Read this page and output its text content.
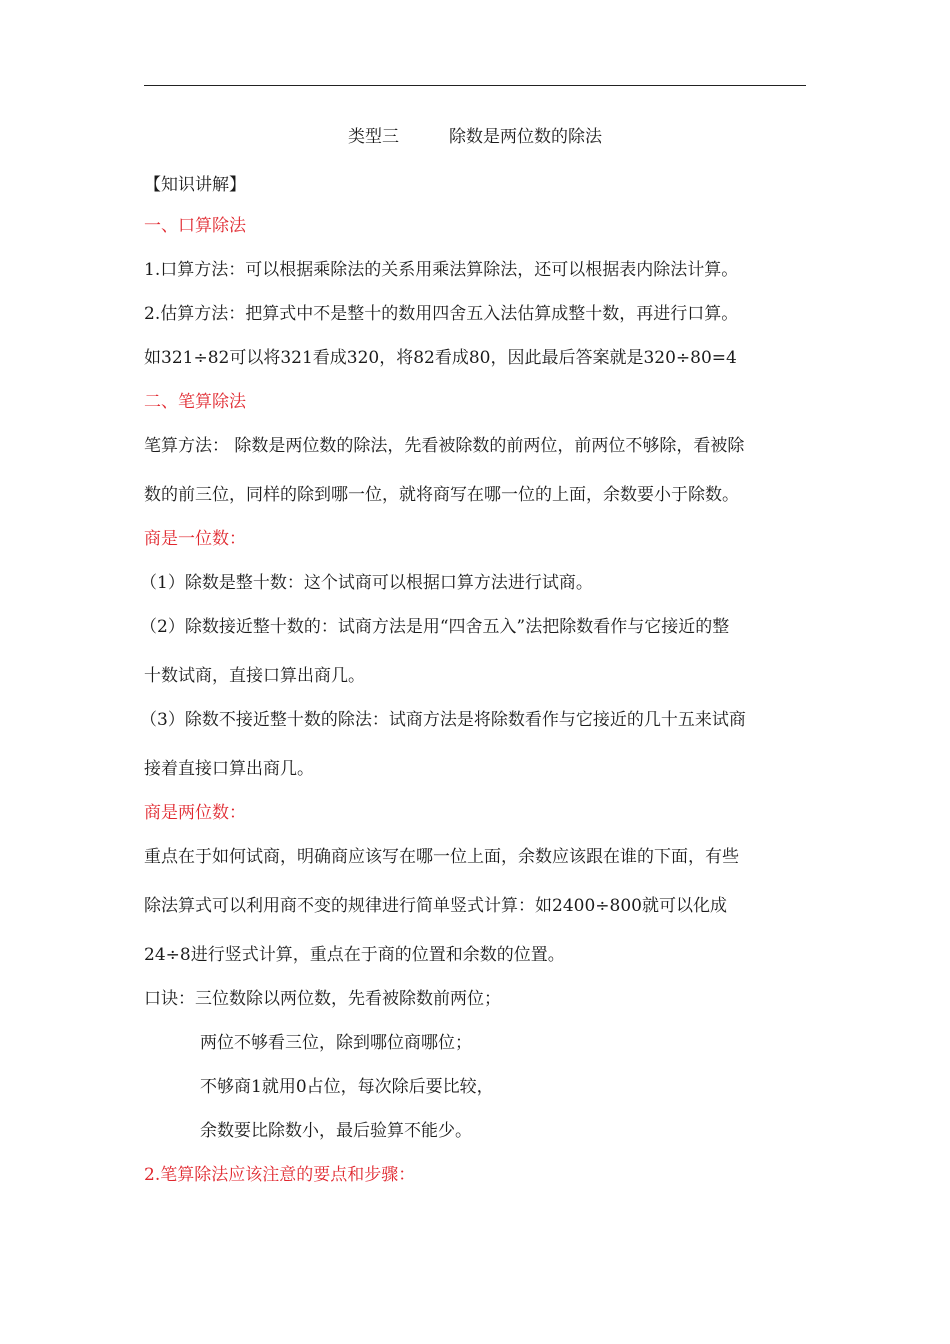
类型三	除数是两位数的除法
【知识讲解】
一、口算除法
1.口算方法：可以根据乘除法的关系用乘法算除法，还可以根据表内除法计算。
2.估算方法：把算式中不是整十的数用四舍五入法估算成整十数，再进行口算。
如321÷82可以将321看成320，将82看成80，因此最后答案就是320÷80=4
二、笔算除法
笔算方法： 除数是两位数的除法，先看被除数的前两位，前两位不够除，看被除
数的前三位，同样的除到哪一位，就将商写在哪一位的上面，余数要小于除数。
商是一位数：
（1）除数是整十数：这个试商可以根据口算方法进行试商。
（2）除数接近整十数的：试商方法是用“四舍五入”法把除数看作与它接近的整
十数试商，直接口算出商几。
（3）除数不接近整十数的除法：试商方法是将除数看作与它接近的几十五来试商
接着直接口算出商几。
商是两位数：
重点在于如何试商，明确商应该写在哪一位上面，余数应该跟在谁的下面，有些
除法算式可以利用商不变的规律进行简单竖式计算：如2400÷800就可以化成
24÷8进行竖式计算，重点在于商的位置和余数的位置。
口诀：三位数除以两位数，先看被除数前两位；
两位不够看三位，除到哪位商哪位；
不够商1就用0占位，每次除后要比较，
余数要比除数小，最后验算不能少。
2.笔算除法应该注意的要点和步骤：
